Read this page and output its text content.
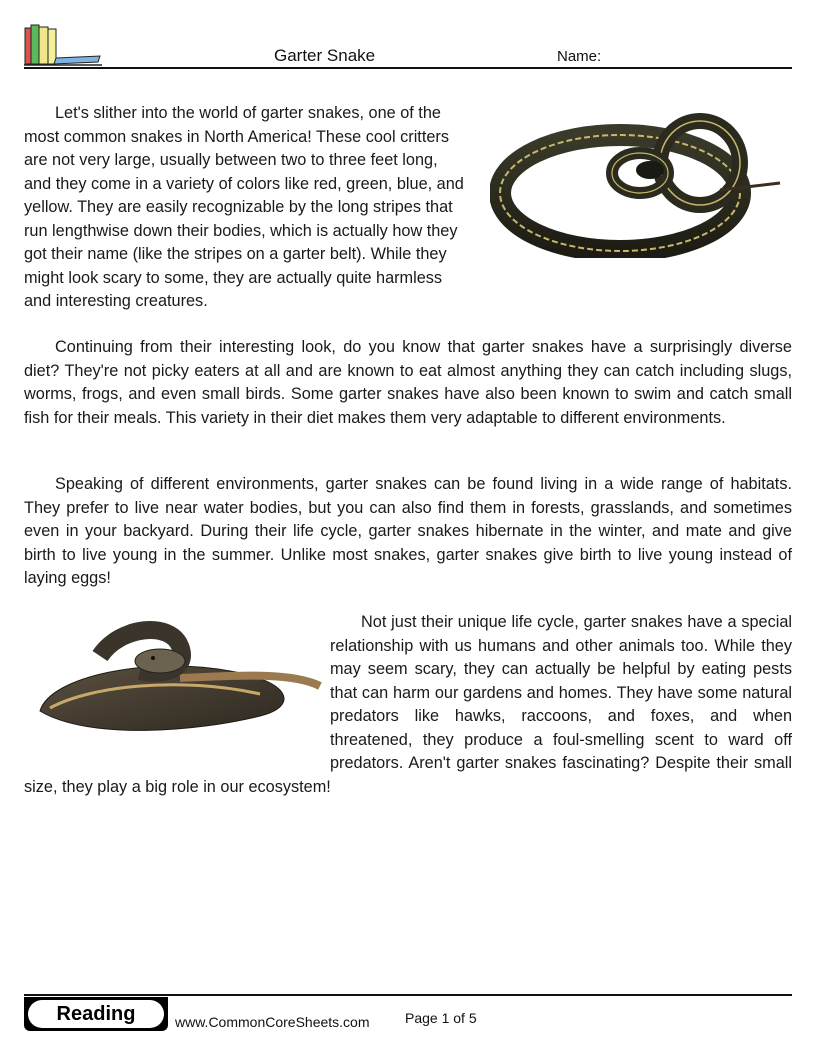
Garter Snake	Name:

Let's slither into the world of garter snakes, one of the most common snakes in North America! These cool critters are not very large, usually between two to three feet long, and they come in a variety of colors like red, green, blue, and yellow. They are easily recognizable by the long stripes that run lengthwise down their bodies, which is actually how they got their name (like the stripes on a garter belt). While they might look scary to some, they are actually quite harmless and interesting creatures.

Continuing from their interesting look, do you know that garter snakes have a surprisingly diverse diet? They're not picky eaters at all and are known to eat almost anything they can catch including slugs, worms, frogs, and even small birds. Some garter snakes have also been known to swim and catch small fish for their meals. This variety in their diet makes them very adaptable to different environments.

Speaking of different environments, garter snakes can be found living in a wide range of habitats. They prefer to live near water bodies, but you can also find them in forests, grasslands, and sometimes even in your backyard. During their life cycle, garter snakes hibernate in the winter, and mate and give birth to live young in the summer. Unlike most snakes, garter snakes give birth to live young instead of laying eggs!

Not just their unique life cycle, garter snakes have a special relationship with us humans and other animals too. While they may seem scary, they can actually be helpful by eating pests that can harm our gardens and homes. They have some natural predators like hawks, raccoons, and foxes, and when threatened, they produce a foul-smelling scent to ward off predators. Aren't garter snakes fascinating? Despite their small size, they play a big role in our ecosystem!
Reading	www.CommonCoreSheets.com	Page 1 of 5
